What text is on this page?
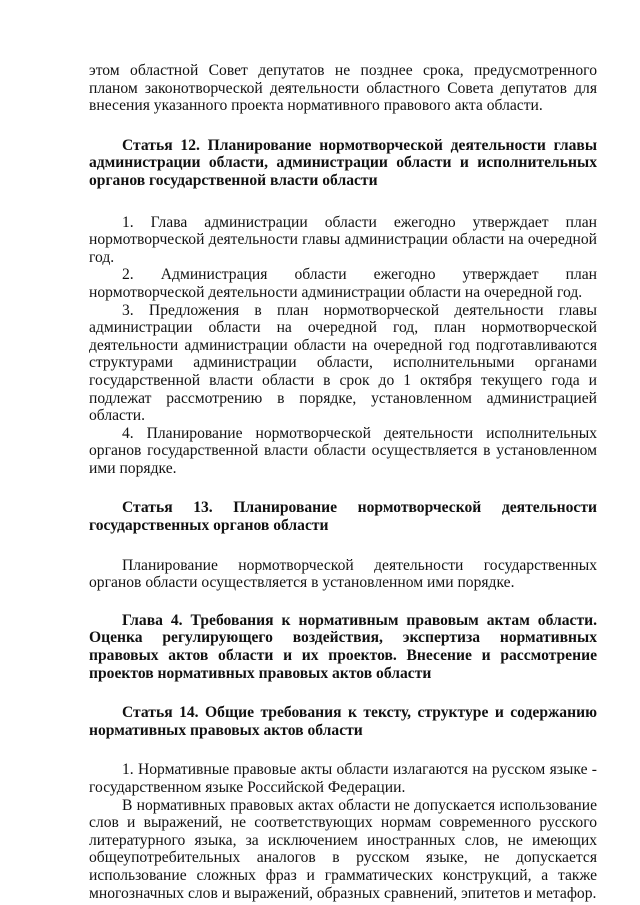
этом областной Совет депутатов не позднее срока, предусмотренного планом законотворческой деятельности областного Совета депутатов для внесения указанного проекта нормативного правового акта области.

Статья 12. Планирование нормотворческой деятельности главы администрации области, администрации области и исполнительных органов государственной власти области

1. Глава администрации области ежегодно утверждает план нормотворческой деятельности главы администрации области на очередной год.

2. Администрация области ежегодно утверждает план нормотворческой деятельности администрации области на очередной год.

3. Предложения в план нормотворческой деятельности главы администрации области на очередной год, план нормотворческой деятельности администрации области на очередной год подготавливаются структурами администрации области, исполнительными органами государственной власти области в срок до 1 октября текущего года и подлежат рассмотрению в порядке, установленном администрацией области.

4. Планирование нормотворческой деятельности исполнительных органов государственной власти области осуществляется в установленном ими порядке.

Статья 13. Планирование нормотворческой деятельности государственных органов области

Планирование нормотворческой деятельности государственных органов области осуществляется в установленном ими порядке.

Глава 4. Требования к нормативным правовым актам области. Оценка регулирующего воздействия, экспертиза нормативных правовых актов области и их проектов. Внесение и рассмотрение проектов нормативных правовых актов области

Статья 14. Общие требования к тексту, структуре и содержанию нормативных правовых актов области

1. Нормативные правовые акты области излагаются на русском языке - государственном языке Российской Федерации.

В нормативных правовых актах области не допускается использование слов и выражений, не соответствующих нормам современного русского литературного языка, за исключением иностранных слов, не имеющих общеупотребительных аналогов в русском языке, не допускается использование сложных фраз и грамматических конструкций, а также многозначных слов и выражений, образных сравнений, эпитетов и метафор.
